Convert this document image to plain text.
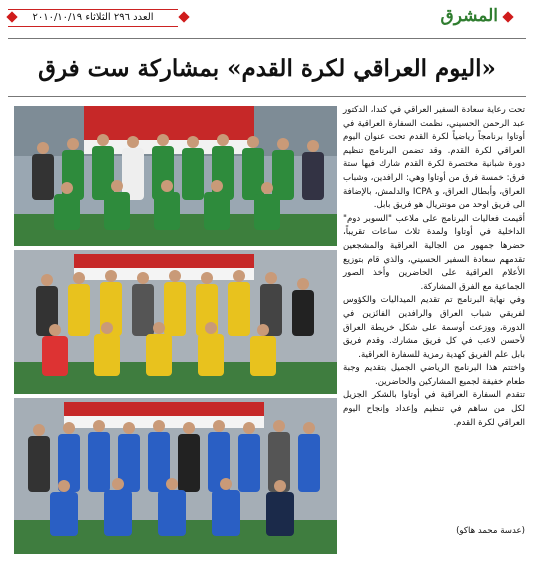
العدد ٢٩٦ الثلاثاء ٢٠١٠/١٠/١٩	المشرق
«اليوم العراقي لكرة القدم» بمشاركة ست فرق

تحت رعاية سعادة السفير العراقي في كندا، الدكتور عبد الرحمن الحسيني، نظمت السفارة العراقية في أوتاوا برنامجاً رياضياً لكرة القدم تحت عنوان اليوم العراقي لكرة القدم. وقد تضمن البرنامج تنظيم دورة شبانية مختصرة لكرة القدم شارك فيها ستة فرق: خمسة فرق من أوتاوا وهي: الرافدين، وشباب العراق، وأبطال العراق، و ICPA والدلمش، بالإضافة الى فريق اوحد من مونتريال هو فريق بابل.

أقيمت فعاليات البرنامج على ملاعب "السوبر دوم" الداخلية في أوتاوا ولمدة ثلاث ساعات تقريباً، حضرها جمهور من الجالية العراقية والمشجعين تقدمهم سعادة السفير الحسيني، والذي قام بتوزيع الأعلام العراقية على الحاضرين وأخذ الصور الجماعية مع الفرق المشاركة.

وفي نهاية البرنامج تم تقديم الميداليات والكؤوس لفريقي شباب العراق والرافدين الفائزين في الدورة، ووزعت أوسمة على شكل خريطة العراق لأحسن لاعب في كل فريق مشارك. وقدم فريق بابل علم الفريق كهدية رمزية للسفارة العراقية.

واختتم هذا البرنامج الرياضي الجميل بتقديم وجبة طعام خفيفة لجميع المشاركين والحاضرين.

تتقدم السفارة العراقية في أوتاوا بالشكر الجزيل لكل من ساهم في تنظيم وإعداد وإنجاح اليوم العراقي لكرة القدم.

(عدسة محمد هاكو)
